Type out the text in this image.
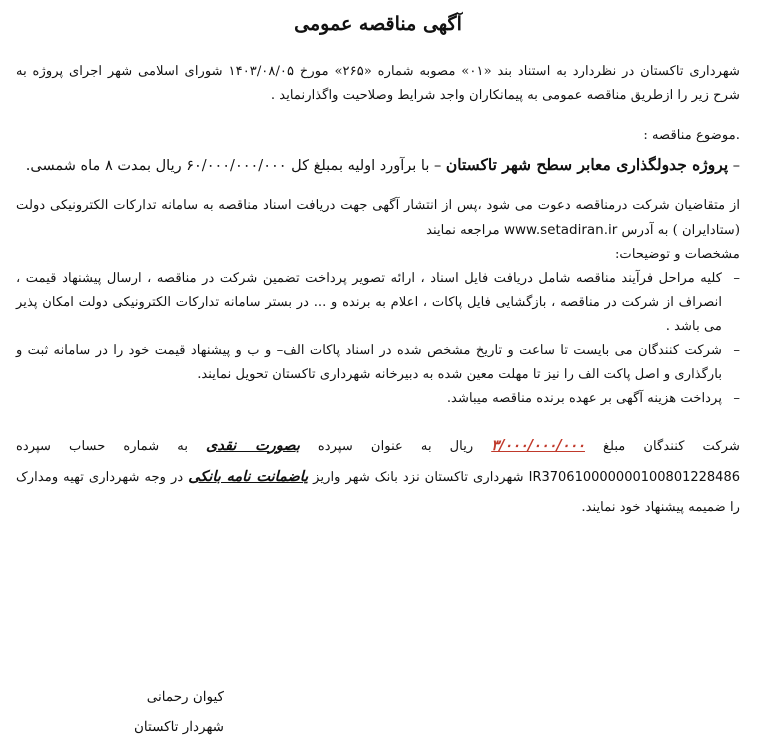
آگهی مناقصه عمومی

شهرداری تاکستان در نظردارد به استناد بند «۰۱» مصوبه شماره «۲۶۵» مورخ ۱۴۰۳/۰۸/۰۵ شورای اسلامی شهر اجرای پروژه به شرح زیر را ازطریق مناقصه عمومی به پیمانکاران واجد شرایط وصلاحیت واگذارنماید .

.موضوع مناقصه :

– پروژه جدولگذاری معابر سطح شهر تاکستان – با برآورد اولیه بمبلغ کل ۶۰/۰۰۰/۰۰۰/۰۰۰ ریال بمدت ۸ ماه شمسی.

از متقاضیان شرکت درمناقصه دعوت می شود ،پس از انتشار آگهی جهت دریافت اسناد مناقصه به سامانه تدارکات الکترونیکی دولت (ستادایران ) به آدرس www.setadiran.ir مراجعه نمایند

مشخصات و توضیحات:

–
کلیه مراحل فرآیند مناقصه شامل دریافت فایل اسناد ، ارائه تصویر پرداخت تضمین شرکت در مناقصه ، ارسال پیشنهاد قیمت ، انصراف از شرکت در مناقصه ، بازگشایی فایل پاکات ، اعلام به برنده و ... در بستر سامانه تدارکات الکترونیکی دولت امکان پذیر می باشد .
–
شرکت کنندگان می بایست تا ساعت و تاریخ مشخص شده در اسناد پاکات الف– و ب و پیشنهاد قیمت خود را در سامانه ثبت و بارگذاری و اصل پاکت الف را نیز تا مهلت معین شده به دبیرخانه شهرداری تاکستان تحویل نمایند.
–
پرداخت هزینه آگهی بر عهده برنده مناقصه میباشد.

شرکت کنندگان مبلغ ۳/۰۰۰/۰۰۰/۰۰۰ ریال به عنوان سپرده بصورت نقدی به شماره حساب سپرده IR370610000000100801228486 شهرداری تاکستان نزد بانک شهر واریز یاضمانت نامه بانکی در وجه شهرداری تهیه ومدارک را ضمیمه پیشنهاد خود نمایند.

کیوان رحمانی
شهردار تاکستان
